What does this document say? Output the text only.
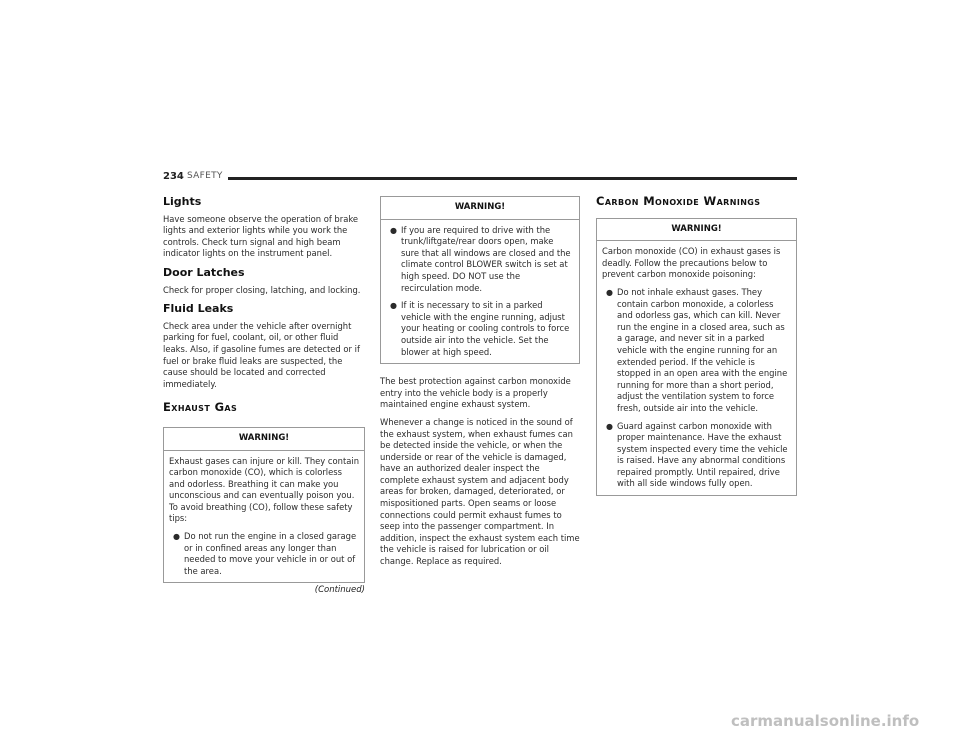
234 SAFETY
Lights

Have someone observe the operation of brake lights and exterior lights while you work the controls. Check turn signal and high beam indicator lights on the instrument panel.

Door Latches

Check for proper closing, latching, and locking.

Fluid Leaks

Check area under the vehicle after overnight parking for fuel, coolant, oil, or other fluid leaks. Also, if gasoline fumes are detected or if fuel or brake fluid leaks are suspected, the cause should be located and corrected immediately.

Exhaust Gas
WARNING!

Exhaust gases can injure or kill. They contain carbon monoxide (CO), which is colorless and odorless. Breathing it can make you unconscious and can eventually poison you.

To avoid breathing (CO), follow these safety tips:

● Do not run the engine in a closed garage or in confined areas any longer than needed to move your vehicle in or out of the area.
(Continued)
WARNING!
● If you are required to drive with the trunk/liftgate/rear doors open, make sure that all windows are closed and the climate control BLOWER switch is set at high speed. DO NOT use the recirculation mode.
● If it is necessary to sit in a parked vehicle with the engine running, adjust your heating or cooling controls to force outside air into the vehicle. Set the blower at high speed.

The best protection against carbon monoxide entry into the vehicle body is a properly maintained engine exhaust system.

Whenever a change is noticed in the sound of the exhaust system, when exhaust fumes can be detected inside the vehicle, or when the underside or rear of the vehicle is damaged, have an authorized dealer inspect the complete exhaust system and adjacent body areas for broken, damaged, deteriorated, or mispositioned parts. Open seams or loose connections could permit exhaust fumes to seep into the passenger compartment. In addition, inspect the exhaust system each time the vehicle is raised for lubrication or oil change. Replace as required.

Carbon Monoxide Warnings
WARNING!

Carbon monoxide (CO) in exhaust gases is deadly. Follow the precautions below to prevent carbon monoxide poisoning:

● Do not inhale exhaust gases. They contain carbon monoxide, a colorless and odorless gas, which can kill. Never run the engine in a closed area, such as a garage, and never sit in a parked vehicle with the engine running for an extended period. If the vehicle is stopped in an open area with the engine running for more than a short period, adjust the ventilation system to force fresh, outside air into the vehicle.
● Guard against carbon monoxide with proper maintenance. Have the exhaust system inspected every time the vehicle is raised. Have any abnormal conditions repaired promptly. Until repaired, drive with all side windows fully open.
carmanualsonline.info
